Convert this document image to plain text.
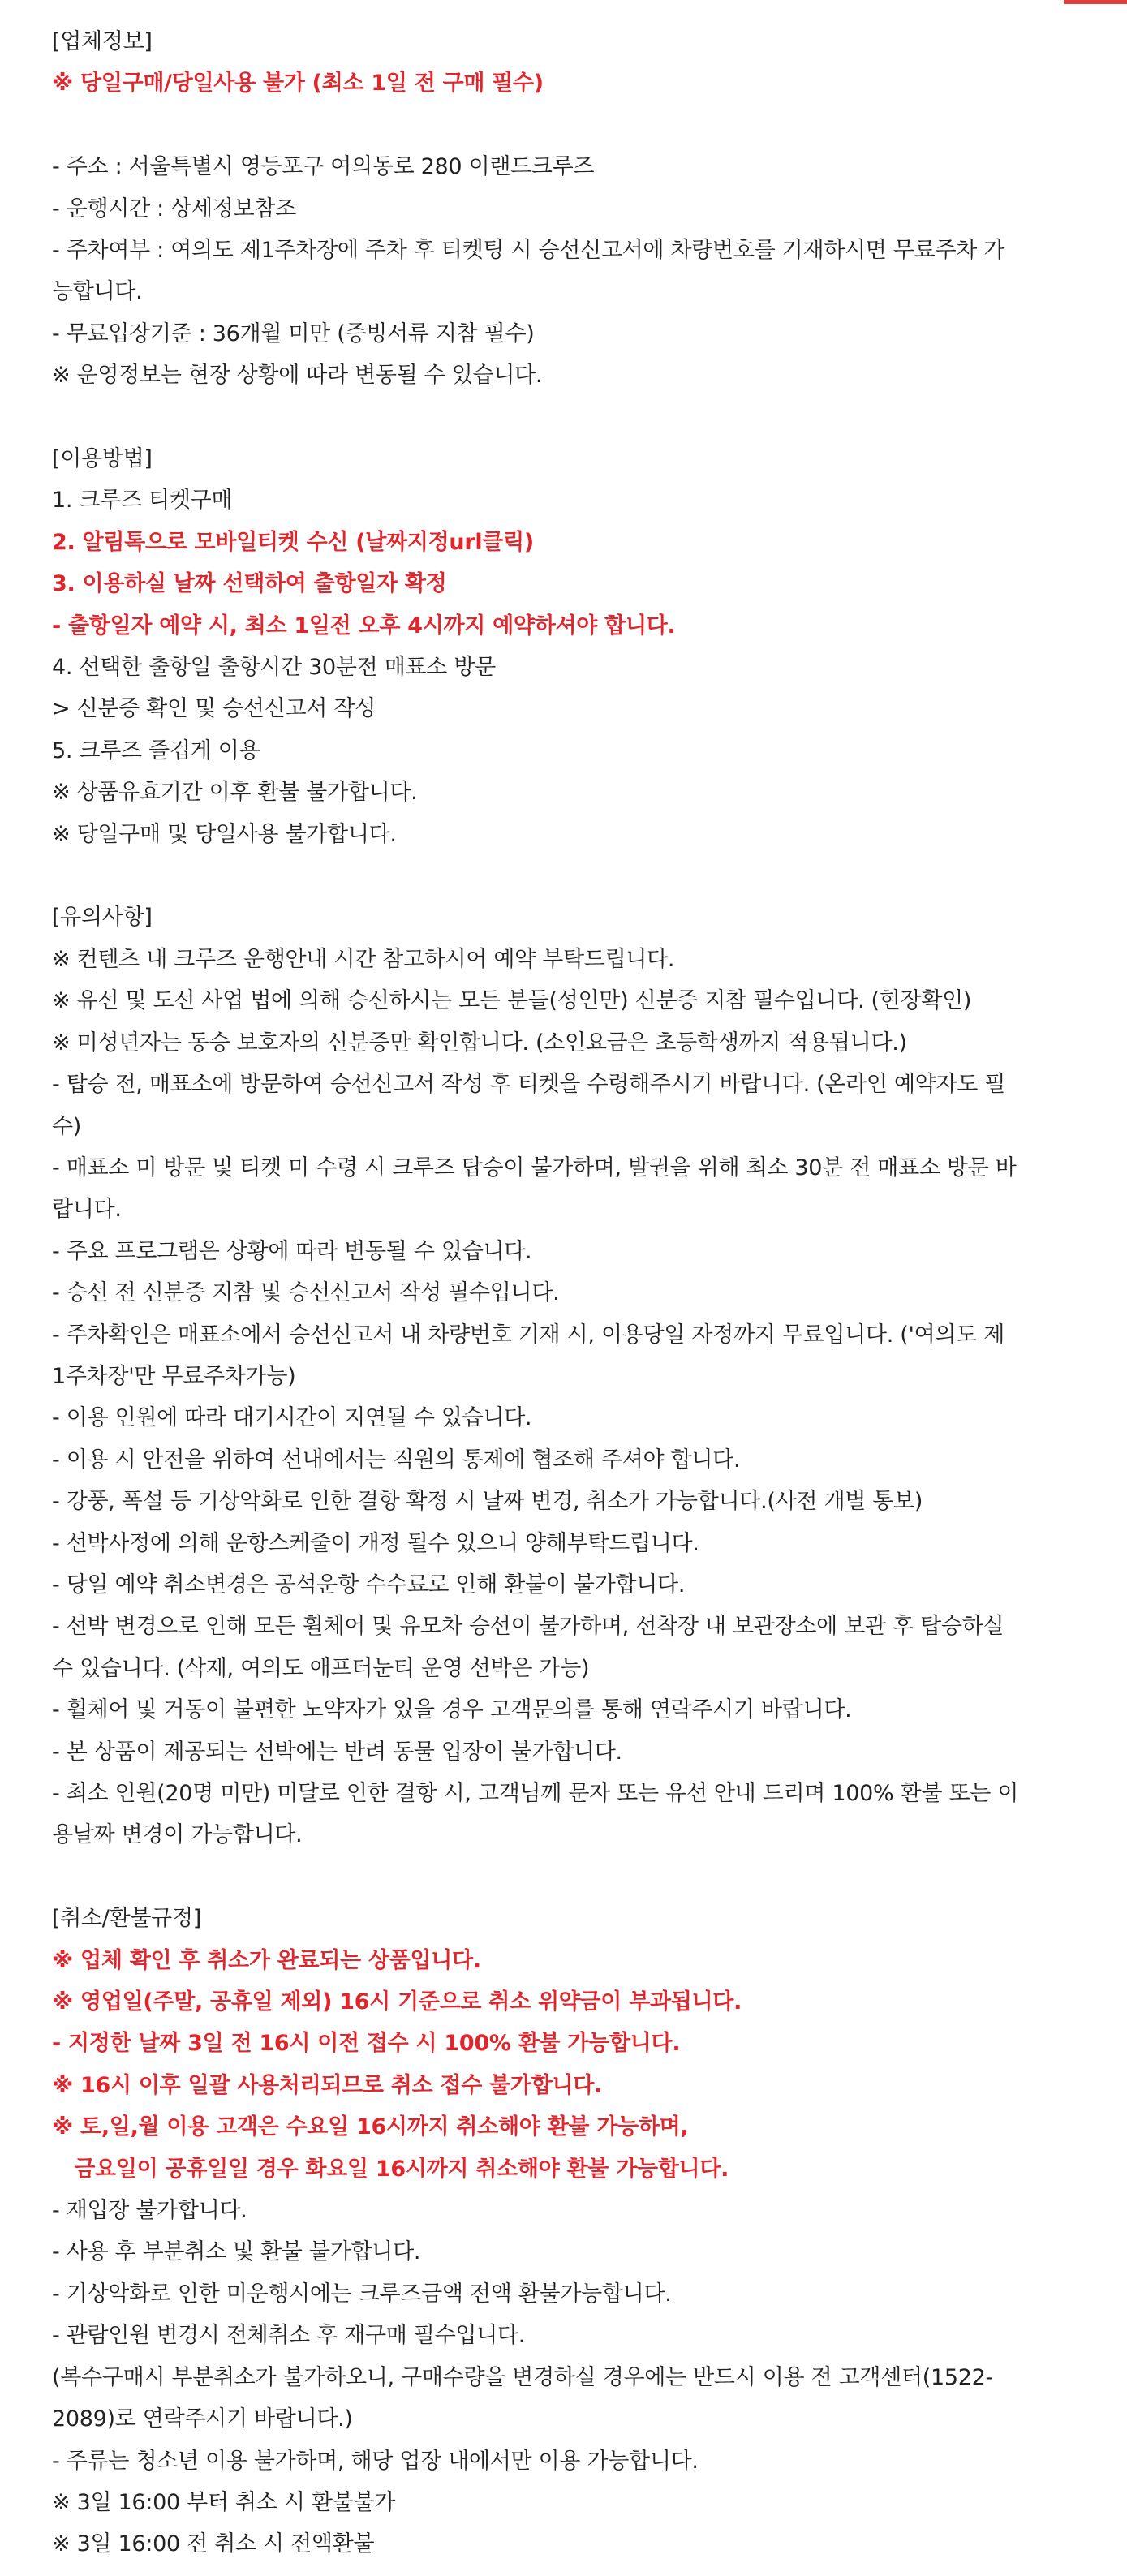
[업체정보]
※ 당일구매/당일사용 불가 (최소 1일 전 구매 필수)
- 주소 : 서울특별시 영등포구 여의동로 280 이랜드크루즈
- 운행시간 : 상세정보참조
- 주차여부 : 여의도 제1주차장에 주차 후 티켓팅 시 승선신고서에 차량번호를 기재하시면 무료주차 가
능합니다.
- 무료입장기준 : 36개월 미만 (증빙서류 지참 필수)
※ 운영정보는 현장 상황에 따라 변동될 수 있습니다.
[이용방법]
1. 크루즈 티켓구매
2. 알림톡으로 모바일티켓 수신 (날짜지정url클릭)
3. 이용하실 날짜 선택하여 출항일자 확정
- 출항일자 예약 시, 최소 1일전 오후 4시까지 예약하셔야 합니다.
4. 선택한 출항일 출항시간 30분전 매표소 방문
> 신분증 확인 및 승선신고서 작성
5. 크루즈 즐겁게 이용
※ 상품유효기간 이후 환불 불가합니다.
※ 당일구매 및 당일사용 불가합니다.
[유의사항]
※ 컨텐츠 내 크루즈 운행안내 시간 참고하시어 예약 부탁드립니다.
※ 유선 및 도선 사업 법에 의해 승선하시는 모든 분들(성인만) 신분증 지참 필수입니다. (현장확인)
※ 미성년자는 동승 보호자의 신분증만 확인합니다. (소인요금은 초등학생까지 적용됩니다.)
- 탑승 전, 매표소에 방문하여 승선신고서 작성 후 티켓을 수령해주시기 바랍니다. (온라인 예약자도 필
수)
- 매표소 미 방문 및 티켓 미 수령 시 크루즈 탑승이 불가하며, 발권을 위해 최소 30분 전 매표소 방문 바
랍니다.
- 주요 프로그램은 상황에 따라 변동될 수 있습니다.
- 승선 전 신분증 지참 및 승선신고서 작성 필수입니다.
- 주차확인은 매표소에서 승선신고서 내 차량번호 기재 시, 이용당일 자정까지 무료입니다. ('여의도 제
1주차장'만 무료주차가능)
- 이용 인원에 따라 대기시간이 지연될 수 있습니다.
- 이용 시 안전을 위하여 선내에서는 직원의 통제에 협조해 주셔야 합니다.
- 강풍, 폭설 등 기상악화로 인한 결항 확정 시 날짜 변경, 취소가 가능합니다.(사전 개별 통보)
- 선박사정에 의해 운항스케줄이 개정 될수 있으니 양해부탁드립니다.
- 당일 예약 취소변경은 공석운항 수수료로 인해 환불이 불가합니다.
- 선박 변경으로 인해 모든 휠체어 및 유모차 승선이 불가하며, 선착장 내 보관장소에 보관 후 탑승하실
수 있습니다. (삭제, 여의도 애프터눈티 운영 선박은 가능)
- 휠체어 및 거동이 불편한 노약자가 있을 경우 고객문의를 통해 연락주시기 바랍니다.
- 본 상품이 제공되는 선박에는 반려 동물 입장이 불가합니다.
- 최소 인원(20명 미만) 미달로 인한 결항 시, 고객님께 문자 또는 유선 안내 드리며 100% 환불 또는 이
용날짜 변경이 가능합니다.
[취소/환불규정]
※ 업체 확인 후 취소가 완료되는 상품입니다.
※ 영업일(주말, 공휴일 제외) 16시 기준으로 취소 위약금이 부과됩니다.
- 지정한 날짜 3일 전 16시 이전 접수 시 100% 환불 가능합니다.
※ 16시 이후 일괄 사용처리되므로 취소 접수 불가합니다.
※ 토,일,월 이용 고객은 수요일 16시까지 취소해야 환불 가능하며,
금요일이 공휴일일 경우 화요일 16시까지 취소해야 환불 가능합니다.
- 재입장 불가합니다.
- 사용 후 부분취소 및 환불 불가합니다.
- 기상악화로 인한 미운행시에는 크루즈금액 전액 환불가능합니다.
- 관람인원 변경시 전체취소 후 재구매 필수입니다.
(복수구매시 부분취소가 불가하오니, 구매수량을 변경하실 경우에는 반드시 이용 전 고객센터(1522-
2089)로 연락주시기 바랍니다.)
- 주류는 청소년 이용 불가하며, 해당 업장 내에서만 이용 가능합니다.
※ 3일 16:00 부터 취소 시 환불불가
※ 3일 16:00 전 취소 시 전액환불
